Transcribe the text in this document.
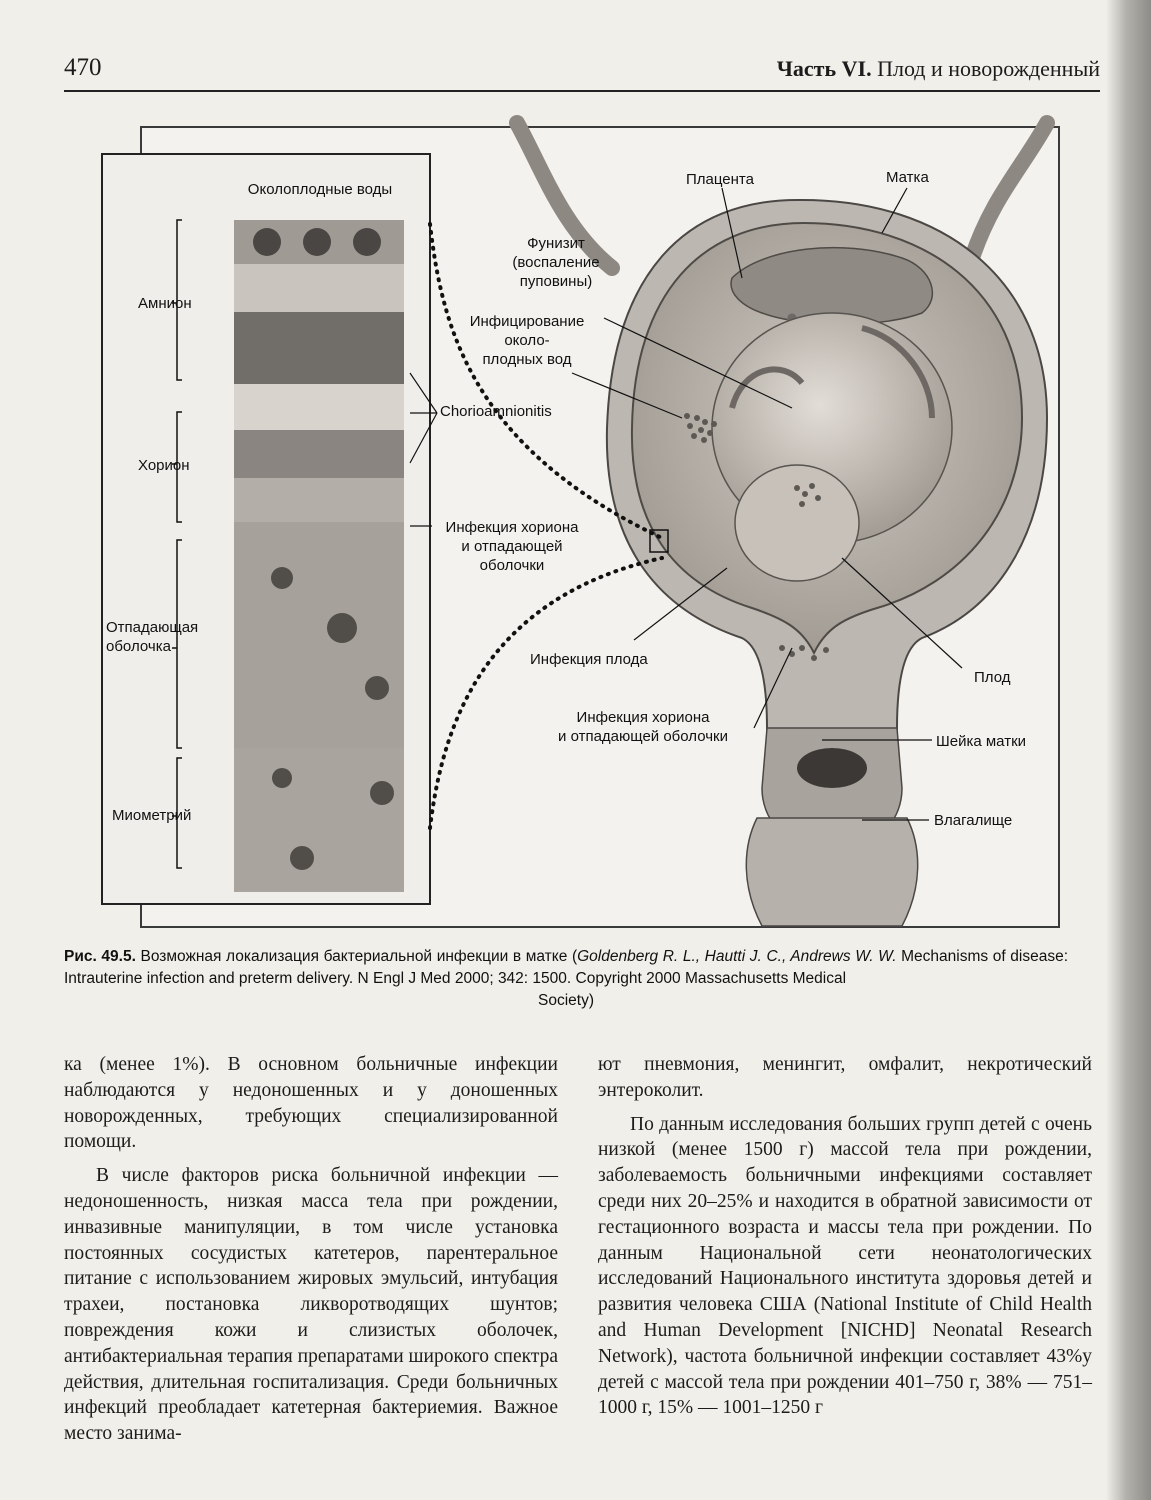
470	Часть VI. Плод и новорожденный
Околоплодные воды
Амнион
Хорион
Отпадающая
оболочка
Миометрий
Плацента	Матка
Фунизит
(воспаление
пуповины)
Инфицирование
около-
плодных вод
Chorioamnionitis
Инфекция хориона
и отпадающей
оболочки
Инфекция плода
Плод
Инфекция хориона
и отпадающей оболочки	Шейка матки
Влагалище
Рис. 49.5. Возможная локализация бактериальной инфекции в матке (Goldenberg R. L., Hautti J. C., Andrews W. W. Mechanisms of disease: Intrauterine infection and preterm delivery. N Engl J Med 2000; 342: 1500. Copyright 2000 Massachusetts Medical
Society)

ка (менее 1%). В основном больничные инфекции наблюдаются у недоношенных и у доношенных новорожденных, требующих специализированной помощи.

В числе факторов риска больничной инфекции — недоношенность, низкая масса тела при рождении, инвазивные манипуляции, в том числе установка постоянных сосудистых катетеров, парентеральное питание с использованием жировых эмульсий, интубация трахеи, постановка ликворотводящих шунтов; повреждения кожи и слизистых оболочек, антибактериальная терапия препаратами широкого спектра действия, длительная госпитализация. Среди больничных инфекций преобладает катетерная бактериемия. Важное место занима-

ют пневмония, менингит, омфалит, некротический энтероколит.

По данным исследования больших групп детей с очень низкой (менее 1500 г) массой тела при рождении, заболеваемость больничными инфекциями составляет среди них 20–25% и находится в обратной зависимости от гестационного возраста и массы тела при рождении. По данным Национальной сети неонатологических исследований Национального института здоровья детей и развития человека США (National Institute of Child Health and Human Development [NICHD] Neonatal Research Network), частота больничной инфекции составляет 43%у детей с массой тела при рождении 401–750 г, 38% — 751–1000 г, 15% — 1001–1250 г
